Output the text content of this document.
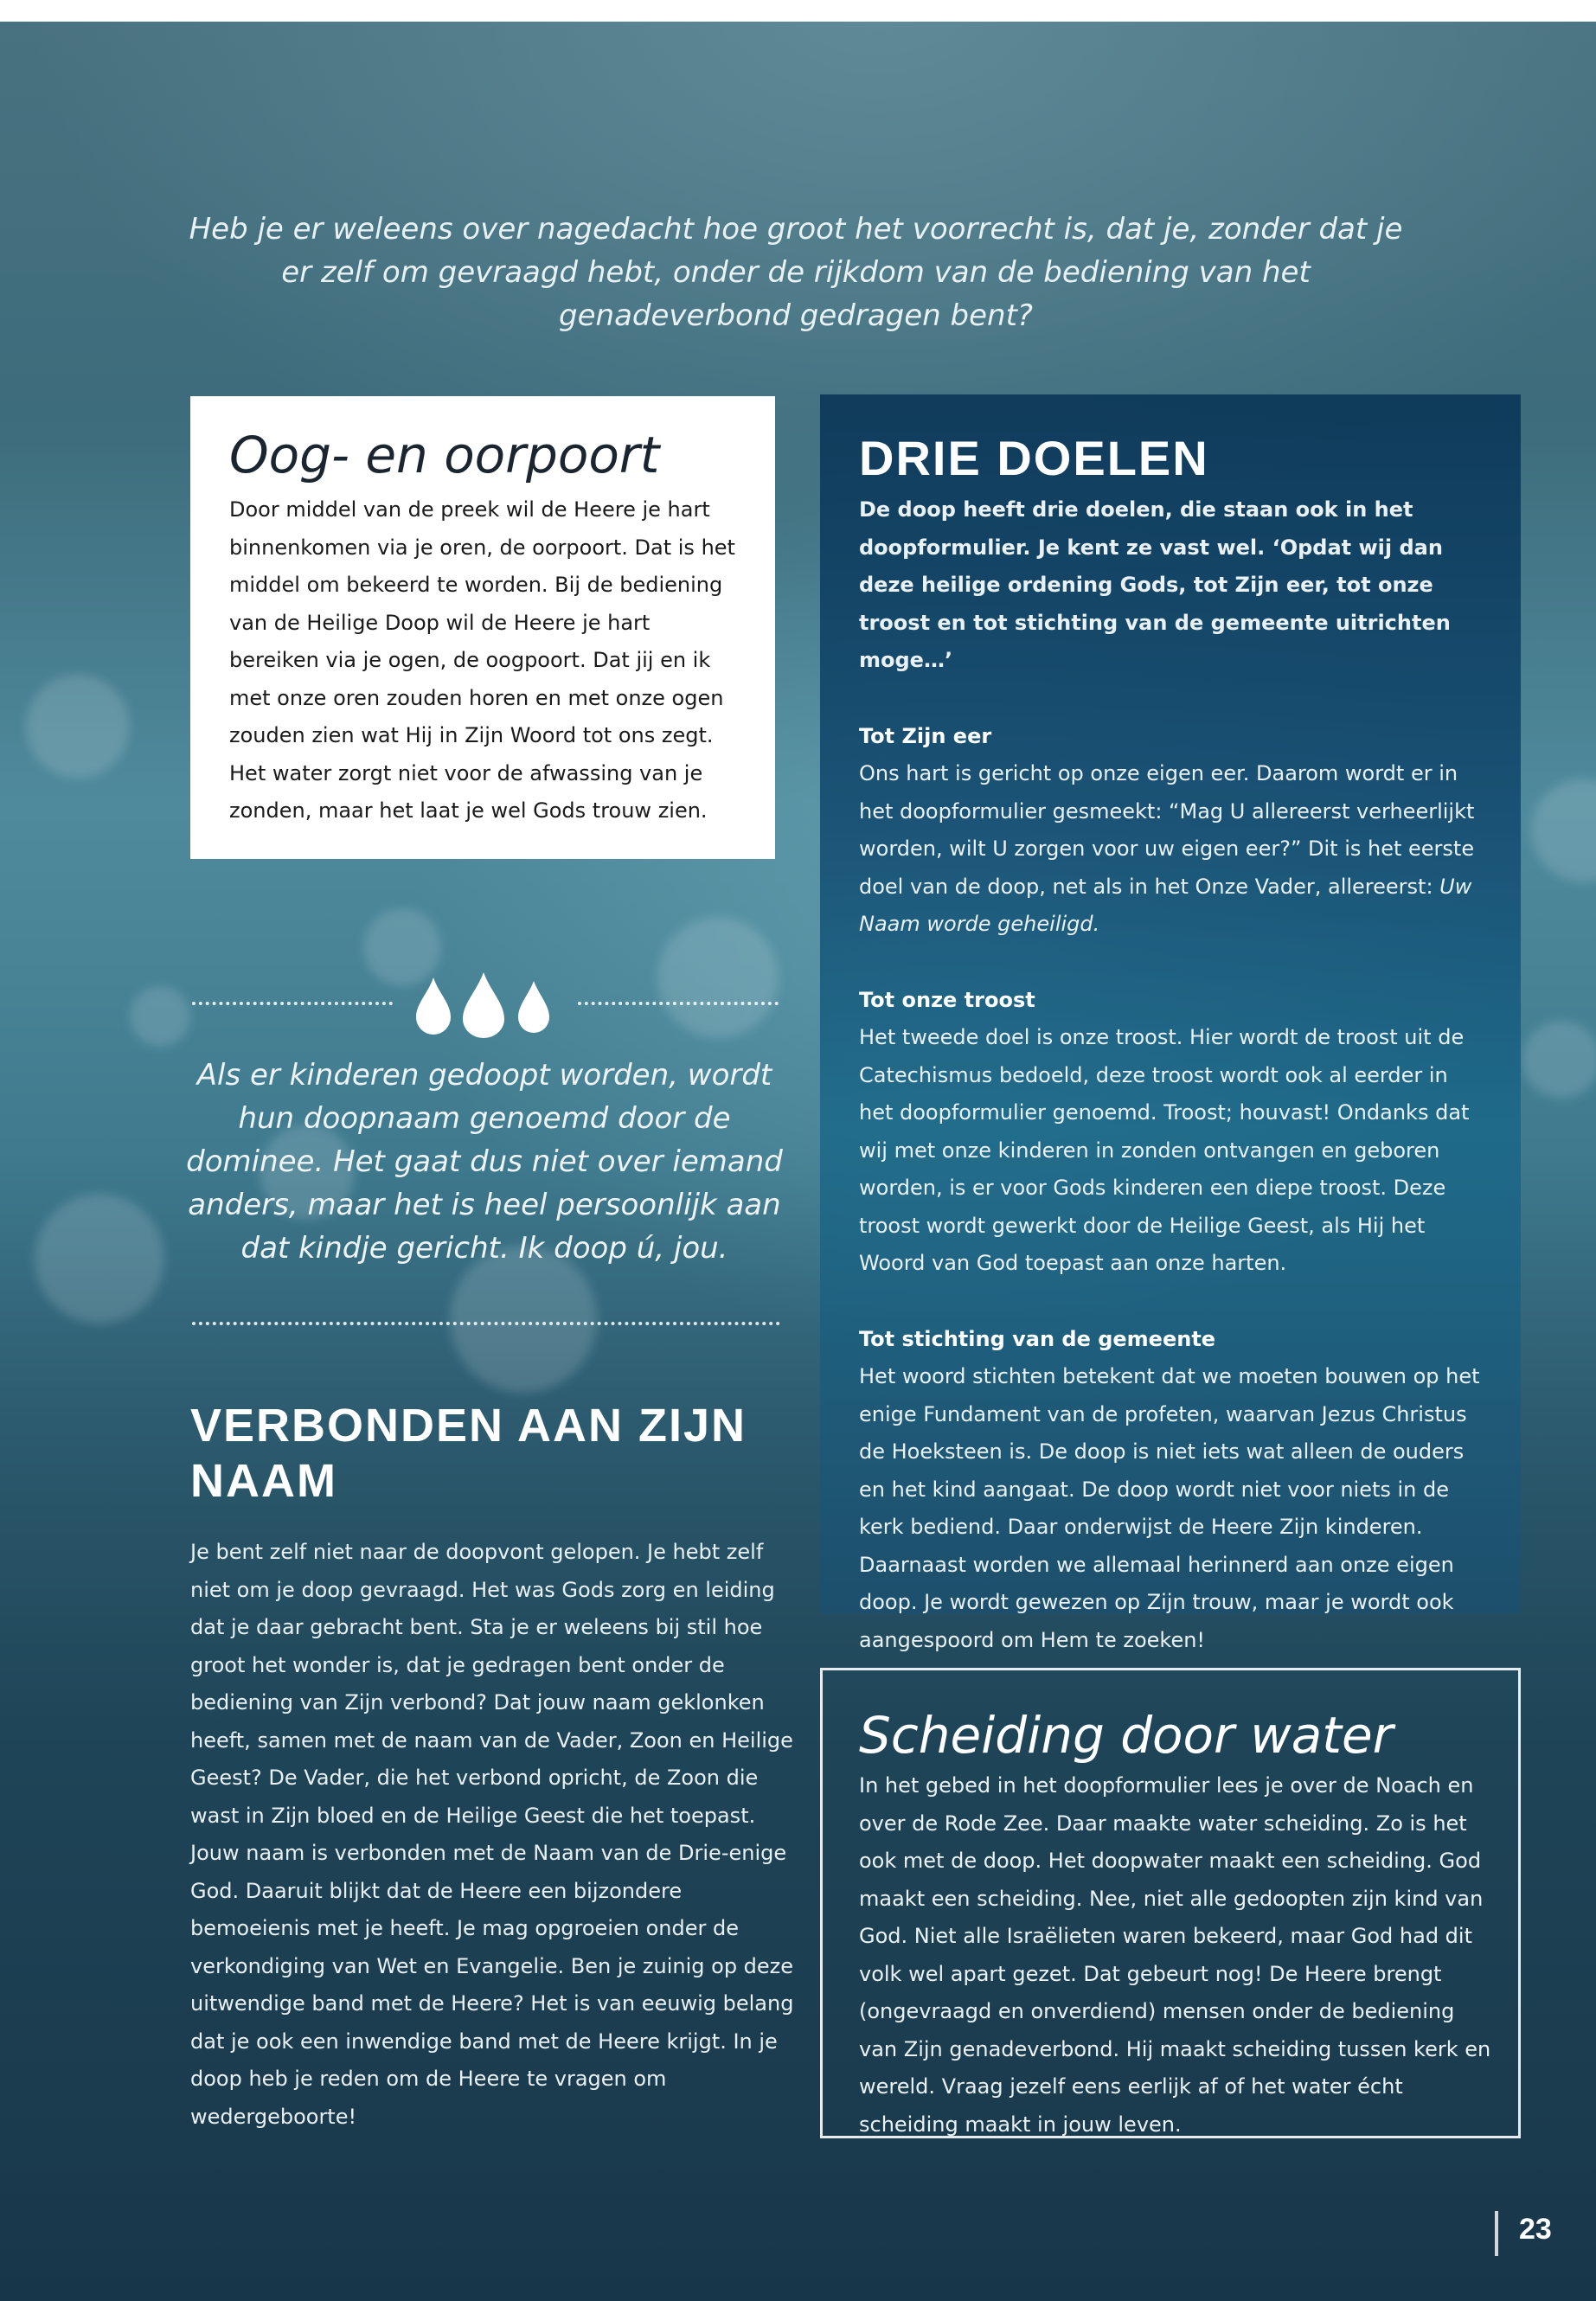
Heb je er weleens over nagedacht hoe groot het voorrecht is, dat je, zonder dat je er zelf om gevraagd hebt, onder de rijkdom van de bediening van het genadeverbond gedragen bent?
Oog- en oorpoort

Door middel van de preek wil de Heere je hart binnenkomen via je oren, de oorpoort. Dat is het middel om bekeerd te worden. Bij de bediening van de Heilige Doop wil de Heere je hart bereiken via je ogen, de oogpoort. Dat jij en ik met onze oren zouden horen en met onze ogen zouden zien wat Hij in Zijn Woord tot ons zegt. Het water zorgt niet voor de afwassing van je zonden, maar het laat je wel Gods trouw zien.

Als er kinderen gedoopt worden, wordt hun doopnaam genoemd door de dominee. Het gaat dus niet over iemand anders, maar het is heel persoonlijk aan dat kindje gericht. Ik doop ú, jou.
VERBONDEN AAN ZIJN NAAM
Je bent zelf niet naar de doopvont gelopen. Je hebt zelf niet om je doop gevraagd. Het was Gods zorg en leiding dat je daar gebracht bent. Sta je er weleens bij stil hoe groot het wonder is, dat je gedragen bent onder de bediening van Zijn verbond? Dat jouw naam geklonken heeft, samen met de naam van de Vader, Zoon en Heilige Geest? De Vader, die het verbond opricht, de Zoon die wast in Zijn bloed en de Heilige Geest die het toepast. Jouw naam is verbonden met de Naam van de Drie-enige God. Daaruit blijkt dat de Heere een bijzondere bemoeienis met je heeft. Je mag opgroeien onder de verkondiging van Wet en Evangelie. Ben je zuinig op deze uitwendige band met de Heere? Het is van eeuwig belang dat je ook een inwendige band met de Heere krijgt. In je doop heb je reden om de Heere te vragen om wedergeboorte!
DRIE DOELEN

De doop heeft drie doelen, die staan ook in het doopformulier. Je kent ze vast wel. ‘Opdat wij dan deze heilige ordening Gods, tot Zijn eer, tot onze troost en tot stichting van de gemeente uitrichten moge…’

Tot Zijn eer

Ons hart is gericht op onze eigen eer. Daarom wordt er in het doopformulier gesmeekt: “Mag U allereerst verheerlijkt worden, wilt U zorgen voor uw eigen eer?” Dit is het eerste doel van de doop, net als in het Onze Vader, allereerst: Uw Naam worde geheiligd.

Tot onze troost

Het tweede doel is onze troost. Hier wordt de troost uit de Catechismus bedoeld, deze troost wordt ook al eerder in het doopformulier genoemd. Troost; houvast! Ondanks dat wij met onze kinderen in zonden ontvangen en geboren worden, is er voor Gods kinderen een diepe troost. Deze troost wordt gewerkt door de Heilige Geest, als Hij het Woord van God toepast aan onze harten.

Tot stichting van de gemeente

Het woord stichten betekent dat we moeten bouwen op het enige Fundament van de profeten, waarvan Jezus Christus de Hoeksteen is. De doop is niet iets wat alleen de ouders en het kind aangaat. De doop wordt niet voor niets in de kerk bediend. Daar onderwijst de Heere Zijn kinderen. Daarnaast worden we allemaal herinnerd aan onze eigen doop. Je wordt gewezen op Zijn trouw, maar je wordt ook aangespoord om Hem te zoeken!

Scheiding door water

In het gebed in het doopformulier lees je over de Noach en over de Rode Zee. Daar maakte water scheiding. Zo is het ook met de doop. Het doopwater maakt een scheiding. God maakt een scheiding. Nee, niet alle gedoopten zijn kind van God. Niet alle Israëlieten waren bekeerd, maar God had dit volk wel apart gezet. Dat gebeurt nog! De Heere brengt (ongevraagd en onverdiend) mensen onder de bediening van Zijn genadeverbond. Hij maakt scheiding tussen kerk en wereld. Vraag jezelf eens eerlijk af of het water écht scheiding maakt in jouw leven.

23
